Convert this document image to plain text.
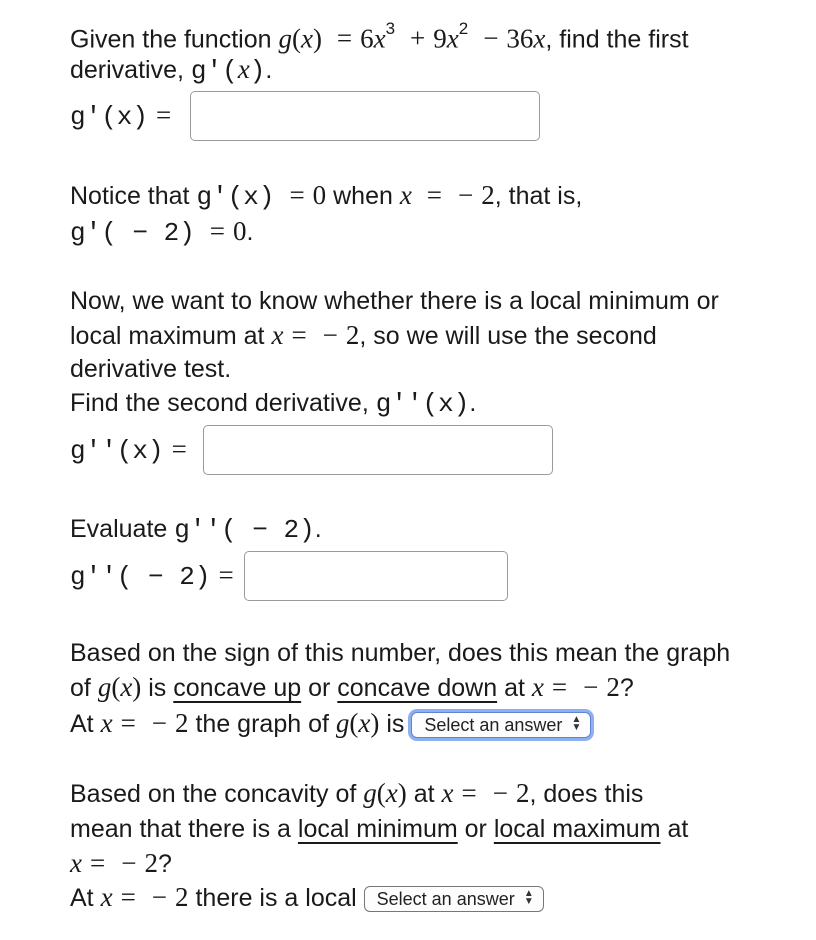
Given the function $g(x) = 6x^3 + 9x^2 - 36x$, find the first
derivative, g'(x).
g'(x) =
Notice that g'(x) = 0 when x = − 2, that is,
g'( − 2) = 0.
Now, we want to know whether there is a local minimum or
local maximum at x = − 2, so we will use the second
derivative test.
Find the second derivative, g''(x).
g''(x) =
Evaluate g''( − 2).
g''( − 2) =
Based on the sign of this number, does this mean the graph
of g(x) is concave up or concave down at x = − 2?
At x = − 2 the graph of g(x) is Select an answer ▲
▼
Based on the concavity of g(x) at x = − 2, does this
mean that there is a local minimum or local maximum at
x = − 2?
At x = − 2 there is a local Select an answer ▲
▼
